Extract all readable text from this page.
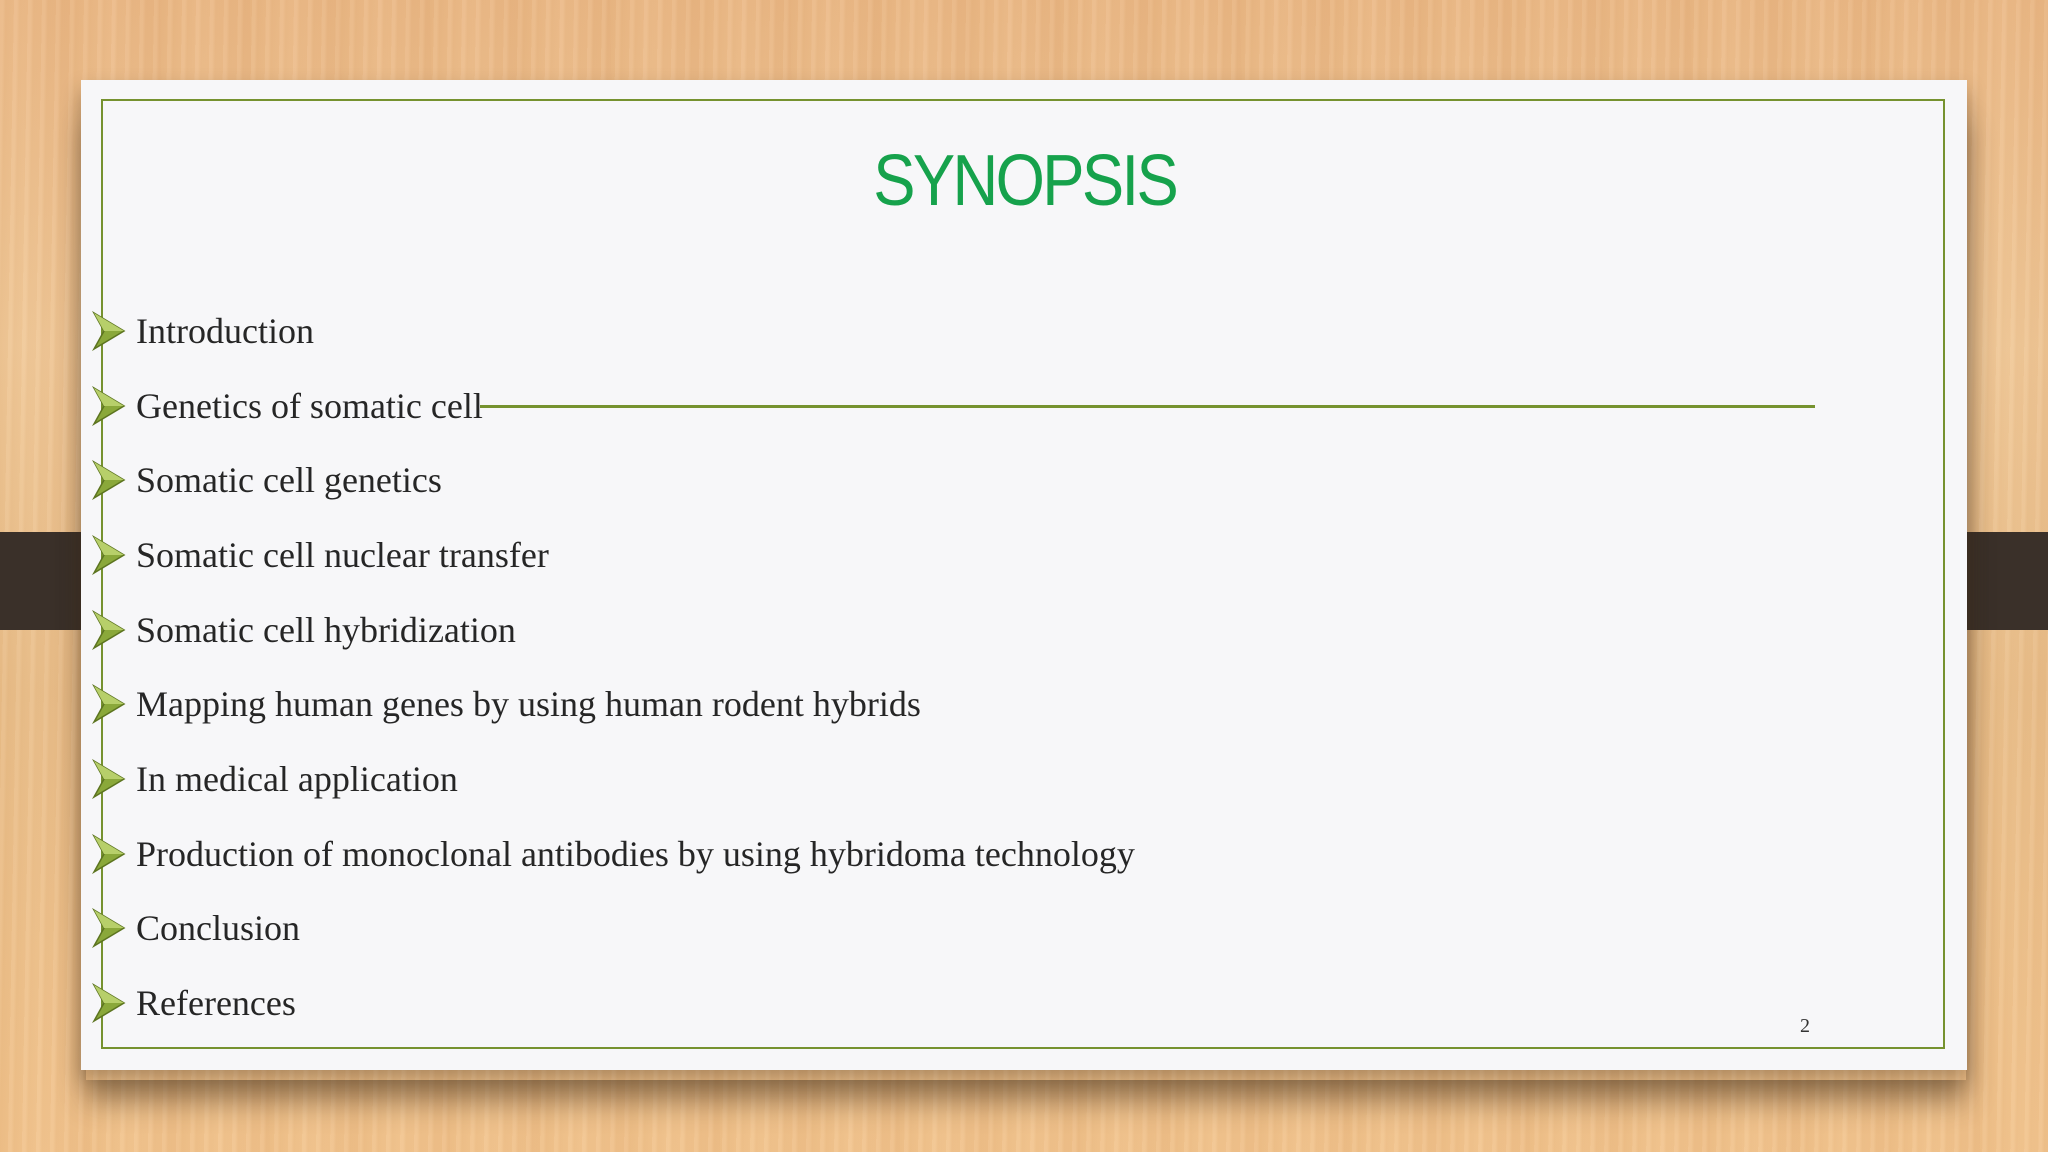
SYNOPSIS
Introduction
Genetics of somatic cell
Somatic cell genetics
Somatic cell nuclear transfer
Somatic cell hybridization
Mapping human genes by using human rodent hybrids
In medical application
Production of monoclonal antibodies by using hybridoma technology
Conclusion
References
2
